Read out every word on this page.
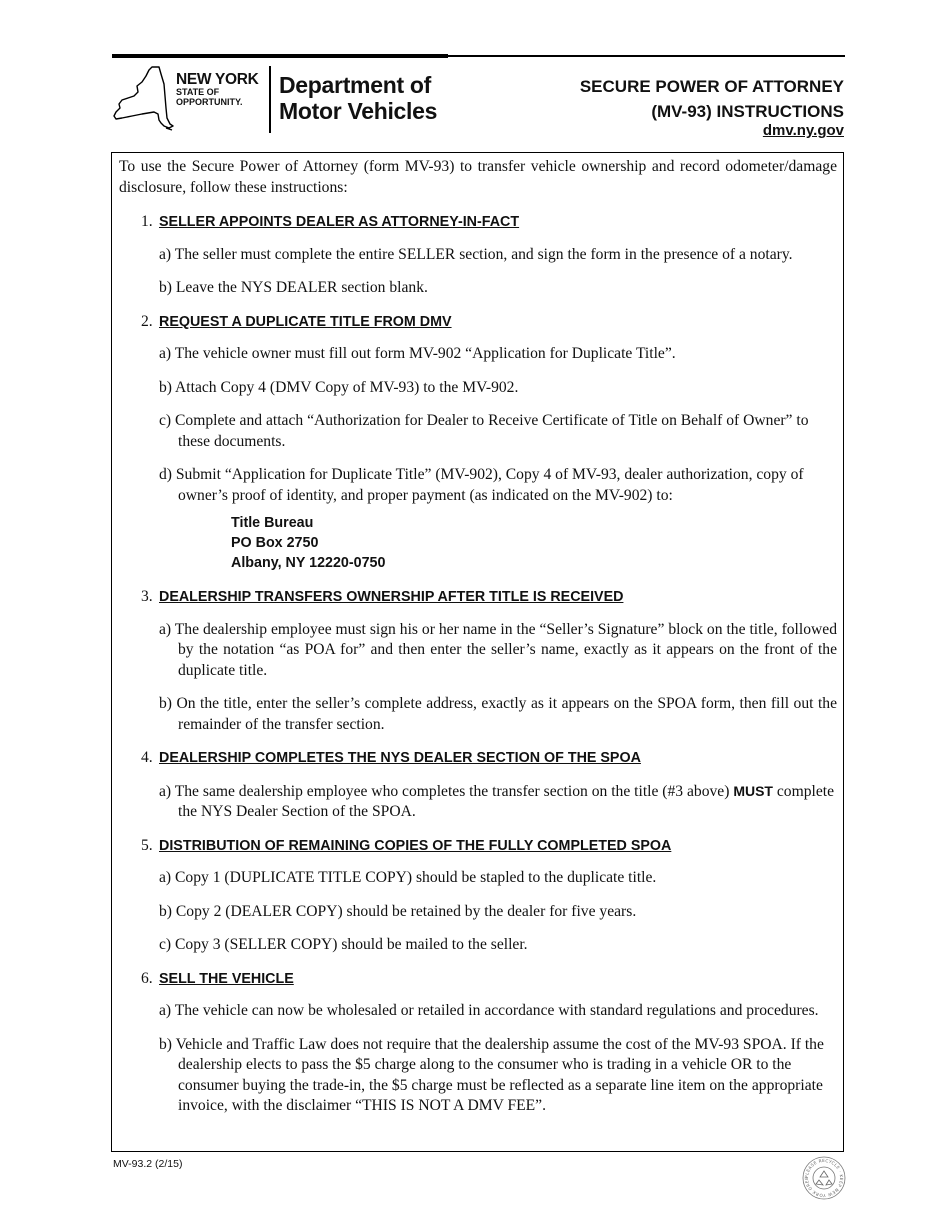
NEW YORK
STATE OF
OPPORTUNITY.
Department of
Motor Vehicles
SECURE POWER OF ATTORNEY
(MV-93) INSTRUCTIONS
dmv.ny.gov

To use the Secure Power of Attorney (form MV-93) to transfer vehicle ownership and record odometer/damage disclosure, follow these instructions:

1. SELLER APPOINTS DEALER AS ATTORNEY-IN-FACT
a) The seller must complete the entire SELLER section, and sign the form in the presence of a notary.
b) Leave the NYS DEALER section blank.
2. REQUEST A DUPLICATE TITLE FROM DMV
a) The vehicle owner must fill out form MV-902 “Application for Duplicate Title”.
b) Attach Copy 4 (DMV Copy of MV-93) to the MV-902.
c) Complete and attach “Authorization for Dealer to Receive Certificate of Title on Behalf of Owner” to these documents.
d) Submit “Application for Duplicate Title” (MV-902), Copy 4 of MV-93, dealer authorization, copy of owner’s proof of identity, and proper payment (as indicated on the MV-902) to:
Title Bureau
PO Box 2750
Albany, NY 12220-0750
3. DEALERSHIP TRANSFERS OWNERSHIP AFTER TITLE IS RECEIVED
a) The dealership employee must sign his or her name in the “Seller’s Signature” block on the title, followed by the notation “as POA for” and then enter the seller’s name, exactly as it appears on the front of the duplicate title.
b) On the title, enter the seller’s complete address, exactly as it appears on the SPOA form, then fill out the remainder of the transfer section.
4. DEALERSHIP COMPLETES THE NYS DEALER SECTION OF THE SPOA
a) The same dealership employee who completes the transfer section on the title (#3 above) MUST complete the NYS Dealer Section of the SPOA.
5. DISTRIBUTION OF REMAINING COPIES OF THE FULLY COMPLETED SPOA
a) Copy 1 (DUPLICATE TITLE COPY) should be stapled to the duplicate title.
b) Copy 2 (DEALER COPY) should be retained by the dealer for five years.
c) Copy 3 (SELLER COPY) should be mailed to the seller.
6. SELL THE VEHICLE
a) The vehicle can now be wholesaled or retailed in accordance with standard regulations and procedures.
b) Vehicle and Traffic Law does not require that the dealership assume the cost of the MV-93 SPOA. If the dealership elects to pass the $5 charge along to the consumer who is trading in a vehicle OR to the consumer buying the trade-in, the $5 charge must be reflected as a separate line item on the appropriate invoice, with the disclaimer “THIS IS NOT A DMV FEE”.
MV-93.2 (2/15)
PLEASE RECYCLE · KEEP NEW YORK GREE
